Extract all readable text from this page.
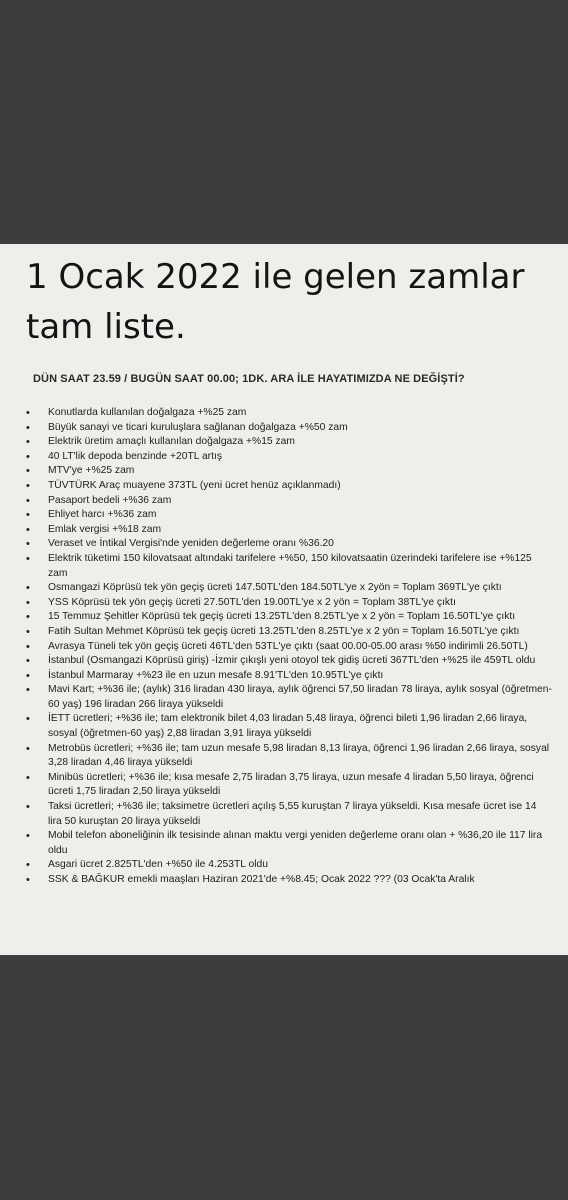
1 Ocak 2022 ile gelen zamlar tam liste.
DÜN SAAT 23.59 / BUGÜN SAAT 00.00; 1DK. ARA İLE HAYATIMIZDA NE DEĞİŞTİ?
• Konutlarda kullanılan doğalgaza +%25 zam
• Büyük sanayi ve ticari kuruluşlara sağlanan doğalgaza +%50 zam
• Elektrik üretim amaçlı kullanılan doğalgaza +%15 zam
• 40 LT'lik depoda benzinde +20TL artış
• MTV'ye +%25 zam
• TÜVTÜRK Araç muayene 373TL (yeni ücret henüz açıklanmadı)
• Pasaport bedeli +%36 zam
• Ehliyet harcı +%36 zam
• Emlak vergisi +%18 zam
• Veraset ve İntikal Vergisi'nde yeniden değerleme oranı %36.20
• Elektrik tüketimi 150 kilovatsaat altındaki tarifelere +%50, 150 kilovatsaatin üzerindeki tarifelere ise +%125 zam
• Osmangazi Köprüsü tek yön geçiş ücreti 147.50TL'den 184.50TL'ye x 2yön = Toplam 369TL'ye çıktı
• YSS Köprüsü tek yön geçiş ücreti 27.50TL'den 19.00TL'ye x 2 yön = Toplam 38TL'ye çıktı
• 15 Temmuz Şehitler Köprüsü tek geçiş ücreti 13.25TL'den 8.25TL'ye x 2 yön = Toplam 16.50TL'ye çıktı
• Fatih Sultan Mehmet Köprüsü tek geçiş ücreti 13.25TL'den 8.25TL'ye x 2 yön = Toplam 16.50TL'ye çıktı
• Avrasya Tüneli tek yön geçiş ücreti 46TL'den 53TL'ye çıktı (saat 00.00-05.00 arası %50 indirimli 26.50TL)
• İstanbul (Osmangazi Köprüsü giriş) -İzmir çıkışlı yeni otoyol tek gidiş ücreti 367TL'den +%25 ile 459TL oldu
• İstanbul Marmaray +%23 ile en uzun mesafe 8.91'TL'den 10.95TL'ye çıktı
• Mavi Kart; +%36 ile; (aylık) 316 liradan 430 liraya, aylık öğrenci 57,50 liradan 78 liraya, aylık sosyal (öğretmen-60 yaş) 196 liradan 266 liraya yükseldi
• İETT ücretleri; +%36 ile; tam elektronik bilet 4,03 liradan 5,48 liraya, öğrenci bileti 1,96 liradan 2,66 liraya, sosyal (öğretmen-60 yaş) 2,88 liradan 3,91 liraya yükseldi
• Metrobüs ücretleri; +%36 ile; tam uzun mesafe 5,98 liradan 8,13 liraya, öğrenci 1,96 liradan 2,66 liraya, sosyal 3,28 liradan 4,46 liraya yükseldi
• Minibüs ücretleri; +%36 ile; kısa mesafe 2,75 liradan 3,75 liraya, uzun mesafe 4 liradan 5,50 liraya, öğrenci ücreti 1,75 liradan 2,50 liraya yükseldi
• Taksi ücretleri; +%36 ile; taksimetre ücretleri açılış 5,55 kuruştan 7 liraya yükseldi. Kısa mesafe ücret ise 14 lira 50 kuruştan 20 liraya yükseldi
• Mobil telefon aboneliğinin ilk tesisinde alınan maktu vergi yeniden değerleme oranı olan + %36,20 ile 117 lira oldu
• Asgari ücret 2.825TL'den +%50 ile 4.253TL oldu
• SSK & BAĞKUR emekli maaşları Haziran 2021'de +%8.45; Ocak 2022 ??? (03 Ocak'ta Aralık
